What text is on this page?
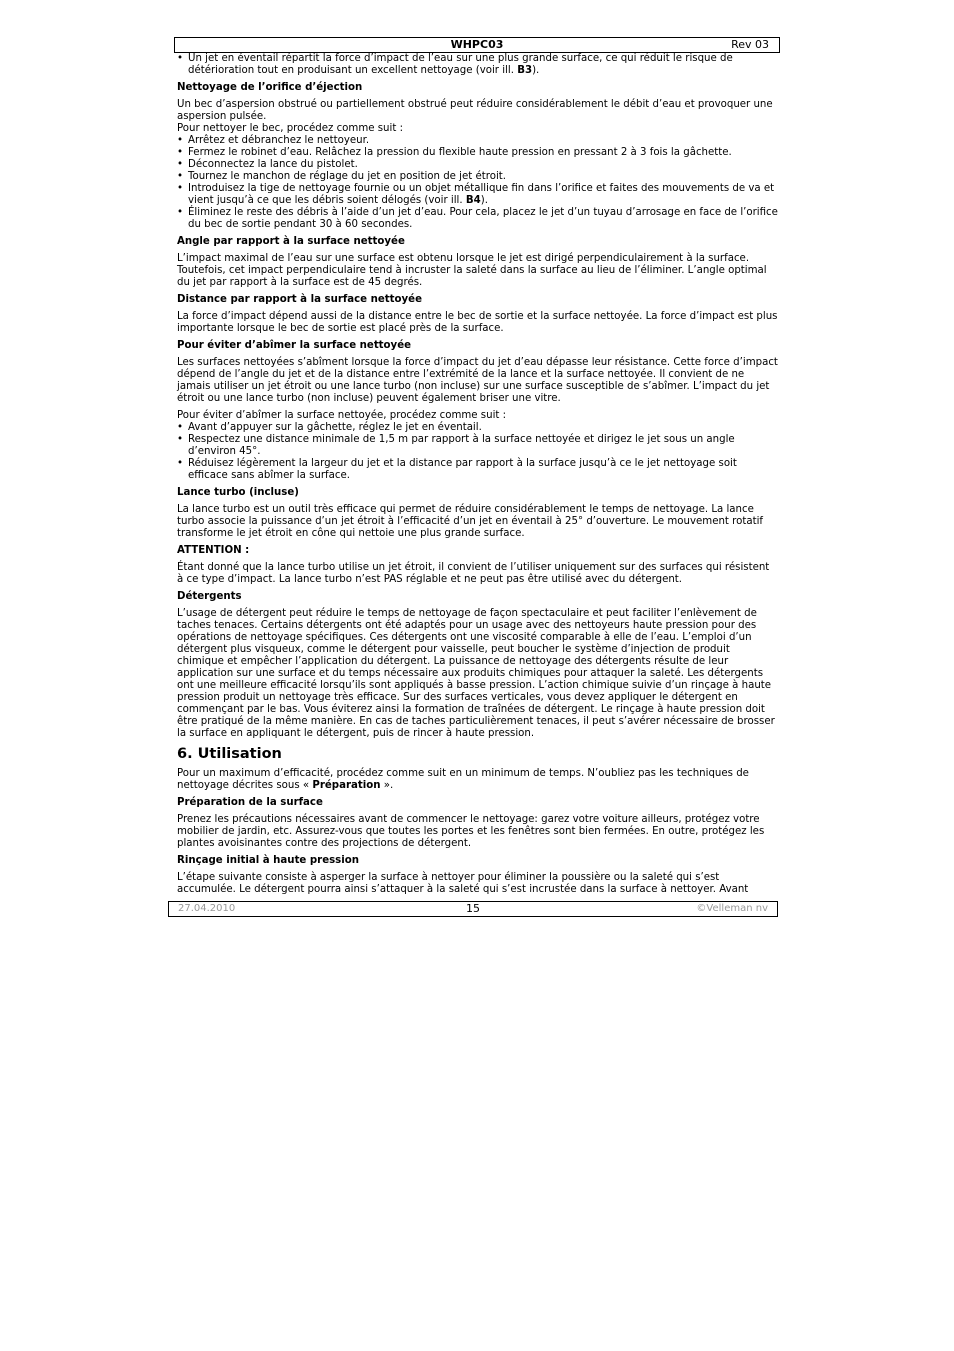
WHPC03	Rev 03
• Un jet en éventail répartit la force d’impact de l’eau sur une plus grande surface, ce qui réduit le risque de détérioration tout en produisant un excellent nettoyage (voir ill. B3).
Nettoyage de l’orifice d’éjection

Un bec d’aspersion obstrué ou partiellement obstrué peut réduire considérablement le débit d’eau et provoquer une aspersion pulsée.

Pour nettoyer le bec, procédez comme suit :

• Arrêtez et débranchez le nettoyeur.
• Fermez le robinet d’eau. Relâchez la pression du flexible haute pression en pressant 2 à 3 fois la gâchette.
• Déconnectez la lance du pistolet.
• Tournez le manchon de réglage du jet en position de jet étroit.
• Introduisez la tige de nettoyage fournie ou un objet métallique fin dans l’orifice et faites des mouvements de va et vient jusqu’à ce que les débris soient délogés (voir ill. B4).
• Éliminez le reste des débris à l’aide d’un jet d’eau. Pour cela, placez le jet d’un tuyau d’arrosage en face de l’orifice du bec de sortie pendant 30 à 60 secondes.
Angle par rapport à la surface nettoyée

L’impact maximal de l’eau sur une surface est obtenu lorsque le jet est dirigé perpendiculairement à la surface. Toutefois, cet impact perpendiculaire tend à incruster la saleté dans la surface au lieu de l’éliminer. L’angle optimal du jet par rapport à la surface est de 45 degrés.

Distance par rapport à la surface nettoyée

La force d’impact dépend aussi de la distance entre le bec de sortie et la surface nettoyée. La force d’impact est plus importante lorsque le bec de sortie est placé près de la surface.

Pour éviter d’abîmer la surface nettoyée

Les surfaces nettoyées s’abîment lorsque la force d’impact du jet d’eau dépasse leur résistance. Cette force d’impact dépend de l’angle du jet et de la distance entre l’extrémité de la lance et la surface nettoyée. Il convient de ne jamais utiliser un jet étroit ou une lance turbo (non incluse) sur une surface susceptible de s’abîmer. L’impact du jet étroit ou une lance turbo (non incluse) peuvent également briser une vitre.

Pour éviter d’abîmer la surface nettoyée, procédez comme suit :

• Avant d’appuyer sur la gâchette, réglez le jet en éventail.
• Respectez une distance minimale de 1,5 m par rapport à la surface nettoyée et dirigez le jet sous un angle d’environ 45°.
• Réduisez légèrement la largeur du jet et la distance par rapport à la surface jusqu’à ce le jet nettoyage soit efficace sans abîmer la surface.
Lance turbo (incluse)

La lance turbo est un outil très efficace qui permet de réduire considérablement le temps de nettoyage. La lance turbo associe la puissance d’un jet étroit à l’efficacité d’un jet en éventail à 25° d’ouverture. Le mouvement rotatif transforme le jet étroit en cône qui nettoie une plus grande surface.

ATTENTION :

Étant donné que la lance turbo utilise un jet étroit, il convient de l’utiliser uniquement sur des surfaces qui résistent à ce type d’impact. La lance turbo n’est PAS réglable et ne peut pas être utilisé avec du détergent.

Détergents

L’usage de détergent peut réduire le temps de nettoyage de façon spectaculaire et peut faciliter l’enlèvement de taches tenaces. Certains détergents ont été adaptés pour un usage avec des nettoyeurs haute pression pour des opérations de nettoyage spécifiques. Ces détergents ont une viscosité comparable à elle de l’eau. L’emploi d’un détergent plus visqueux, comme le détergent pour vaisselle, peut boucher le système d’injection de produit chimique et empêcher l’application du détergent. La puissance de nettoyage des détergents résulte de leur application sur une surface et du temps nécessaire aux produits chimiques pour attaquer la saleté. Les détergents ont une meilleure efficacité lorsqu’ils sont appliqués à basse pression. L’action chimique suivie d’un rinçage à haute pression produit un nettoyage très efficace. Sur des surfaces verticales, vous devez appliquer le détergent en commençant par le bas. Vous éviterez ainsi la formation de traînées de détergent. Le rinçage à haute pression doit être pratiqué de la même manière. En cas de taches particulièrement tenaces, il peut s’avérer nécessaire de brosser la surface en appliquant le détergent, puis de rincer à haute pression.

6. Utilisation

Pour un maximum d’efficacité, procédez comme suit en un minimum de temps. N’oubliez pas les techniques de nettoyage décrites sous « Préparation ».

Préparation de la surface

Prenez les précautions nécessaires avant de commencer le nettoyage: garez votre voiture ailleurs, protégez votre mobilier de jardin, etc. Assurez-vous que toutes les portes et les fenêtres sont bien fermées. En outre, protégez les plantes avoisinantes contre des projections de détergent.

Rinçage initial à haute pression

L’étape suivante consiste à asperger la surface à nettoyer pour éliminer la poussière ou la saleté qui s’est accumulée. Le détergent pourra ainsi s’attaquer à la saleté qui s’est incrustée dans la surface à nettoyer. Avant

27.04.2010	15	©Velleman nv
